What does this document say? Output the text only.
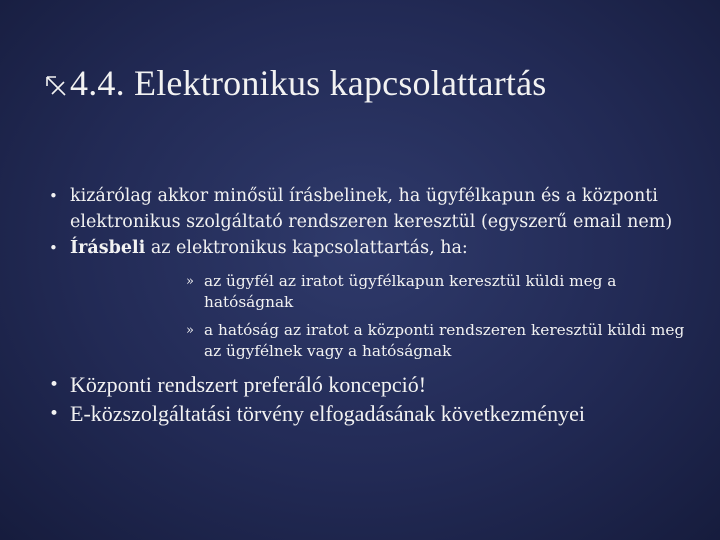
4.4. Elektronikus kapcsolattartás
• kizárólag akkor minősül írásbelinek, ha ügyfélkapun és a központi elektronikus szolgáltató rendszeren keresztül (egyszerű email nem)
• Írásbeli az elektronikus kapcsolattartás, ha:
» az ügyfél az iratot ügyfélkapun keresztül küldi meg a hatóságnak
» a hatóság az iratot a központi rendszeren keresztül küldi meg az ügyfélnek vagy a hatóságnak
• Központi rendszert preferáló koncepció!
• E-közszolgáltatási törvény elfogadásának következményei
